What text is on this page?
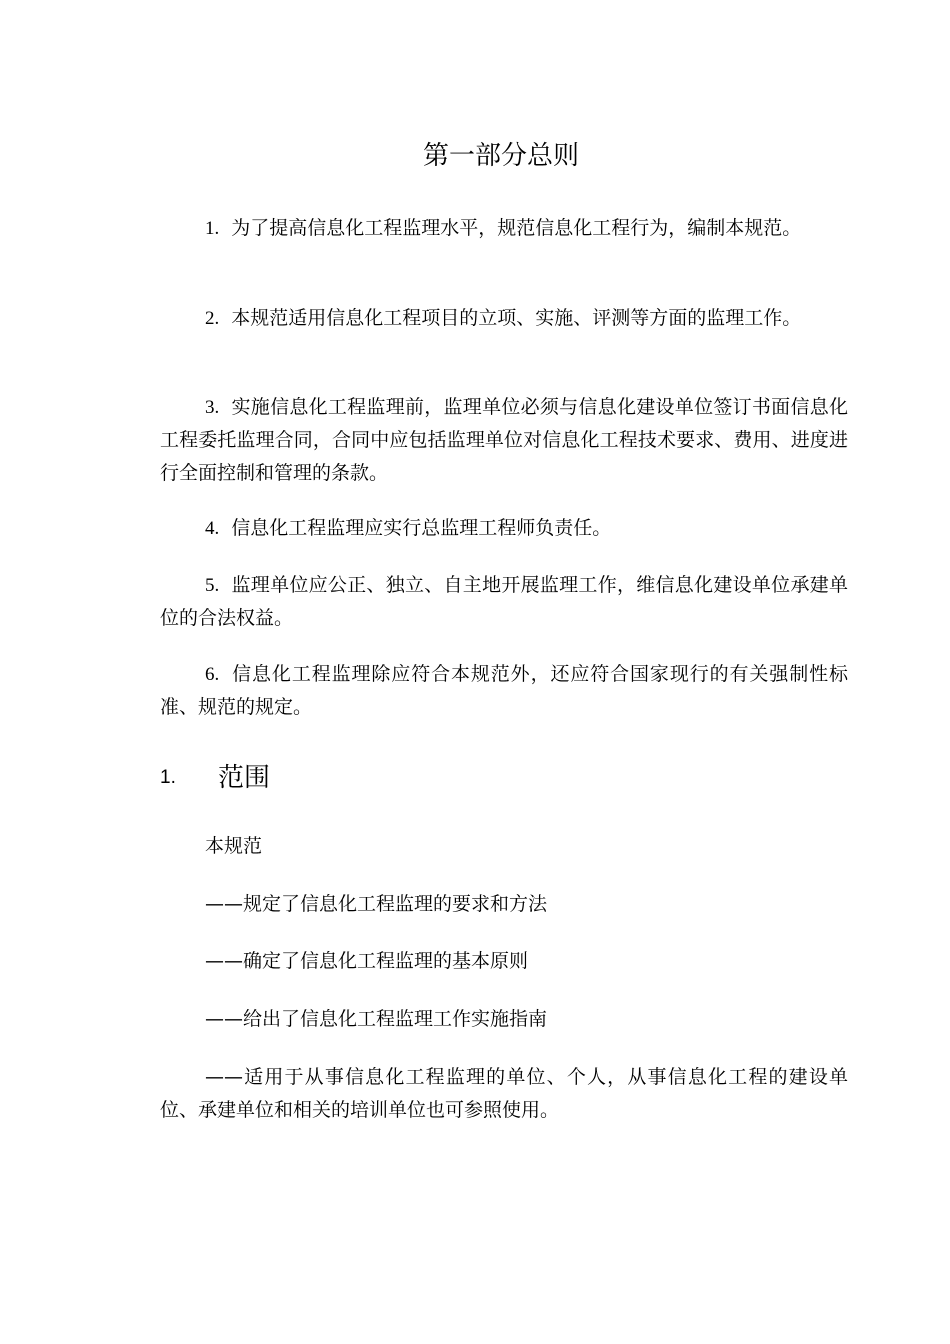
第一部分总则
1. 为了提高信息化工程监理水平，规范信息化工程行为，编制本规范。
2. 本规范适用信息化工程项目的立项、实施、评测等方面的监理工作。
3. 实施信息化工程监理前，监理单位必须与信息化建设单位签订书面信息化工程委托监理合同，合同中应包括监理单位对信息化工程技术要求、费用、进度进行全面控制和管理的条款。
4. 信息化工程监理应实行总监理工程师负责任。
5. 监理单位应公正、独立、自主地开展监理工作，维信息化建设单位承建单位的合法权益。
6. 信息化工程监理除应符合本规范外，还应符合国家现行的有关强制性标准、规范的规定。
1. 范围
本规范
——规定了信息化工程监理的要求和方法
——确定了信息化工程监理的基本原则
——给出了信息化工程监理工作实施指南
——适用于从事信息化工程监理的单位、个人，从事信息化工程的建设单位、承建单位和相关的培训单位也可参照使用。
